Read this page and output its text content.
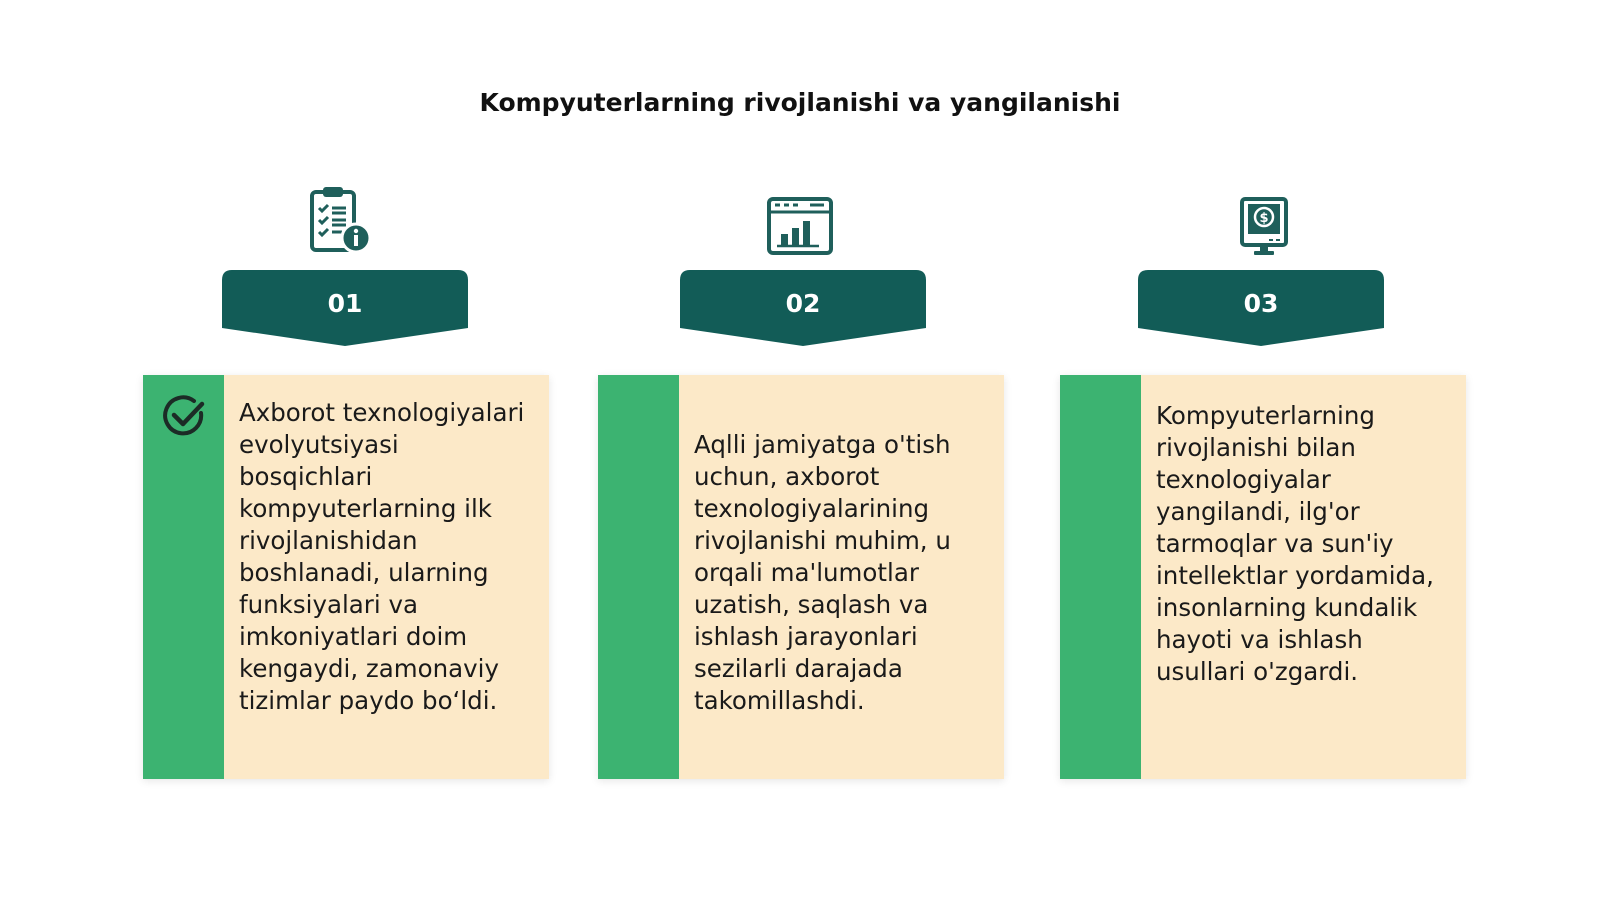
Kompyuterlarning rivojlanishi va yangilanishi
01
Axborot texnologiyalari evolyutsiyasi bosqichlari kompyuterlarning ilk rivojlanishidan boshlanadi, ularning funksiyalari va imkoniyatlari doim kengaydi, zamonaviy tizimlar paydo bo‘ldi.
02
Aqlli jamiyatga o'tish uchun, axborot texnologiyalarining rivojlanishi muhim, u orqali ma'lumotlar uzatish, saqlash va ishlash jarayonlari sezilarli darajada takomillashdi.
$
03
Kompyuterlarning rivojlanishi bilan texnologiyalar yangilandi, ilg'or tarmoqlar va sun'iy intellektlar yordamida, insonlarning kundalik hayoti va ishlash usullari o'zgardi.
